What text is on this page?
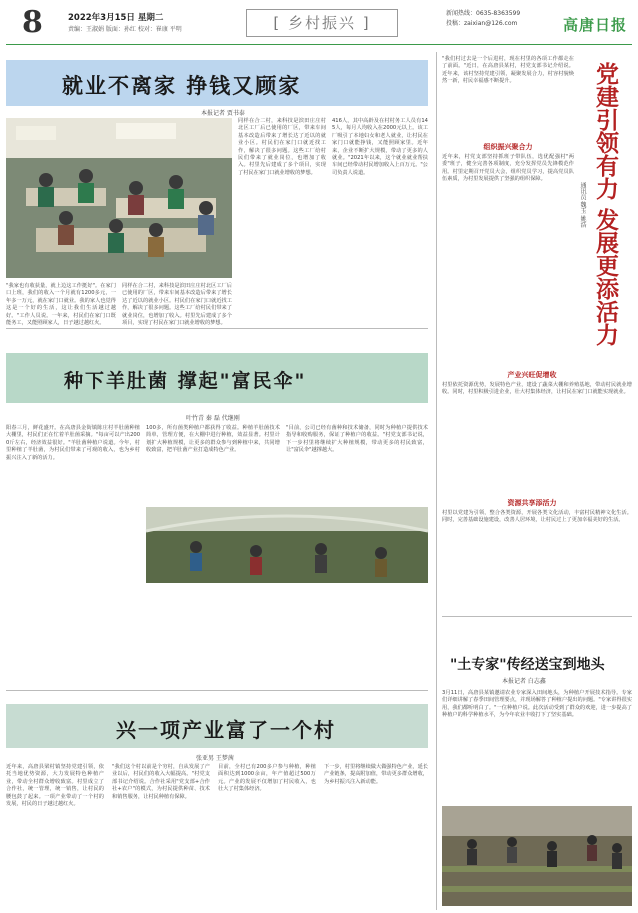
8	2022年3月15日 星期二
责编：王淑娟 版面：孙红 校对：崔康 平明	[ 乡村振兴 ]
新闻热线：0635-8363599
投稿：zaixian@126.com	高唐日报
就业不离家 挣钱又顾家
本报记者 贾书泰
"我家也有收获量，就上边这工作挺好"。在家门口上班，我们的收入一个月就有1200多元，一年多一万元，就在家门口就业。我的家人也觉得这是一个好的生活，这让我们生活越过越好。"工作人员说。一年来，村民们在家门口既能务工，又能照顾家人，日子越过越红火。
同样在合二村，来科技是滨田庄庄村北区工厂后已使用的厂区，带来车间基本改造后带来了增长达了近以的就业小区。村民们在家门口就近找工作，解决了很多问题。这些工厂给村民们带来了就业岗位，也增加了收入。村里先后建成了多个项目，实现了村民在家门口就业增收的梦想。
同样在合二村，来科技是滨田庄庄村北区工厂后已使用的厂区，带来车间基本改造后带来了增长达了近以的就业小区。村民们在家门口就近找工作，解决了很多问题。这些工厂给村民们带来了就业岗位，也增加了收入。村里先后建成了多个项目，实现了村民在家门口就业增收的梦想。
416人，其中高龄及在村村务工人员有145人，每月人均收入在2000元以上。该工厂吸引了本地妇女和老人就业，让村民在家门口就能挣钱，又能照顾家里。近年来，企业不断扩大规模，带动了更多的人就业。"2021年以来，这个就业就业帮扶车间已经带动村民增加收入上百万元。"公司负责人说道。
种下羊肚菌 撑起"富民伞"
叶竹青 秦 磊 代继刚
阳春三月，鲜花盛开。在高唐县金街镇陈庄村羊肚菌种植大棚里，村民们正在忙着羊肚菌采摘。"每亩可以产出2000斤左右，经济效益很好。"羊肚菌种植户说道。今年，村里种植了羊肚菌，为村民们带来了可观的收入，也为乡村振兴注入了新的活力。
100多，所有菌类种植户都获得了收益。种植羊肚菌技术简单，管理方便，在大棚中进行种植，效益显著。村里计划扩大种植规模，让更多的群众参与到种植中来，共同增收致富，把羊肚菌产业打造成特色产业。
"目前，公司已经有菌种和技术储备，同时为种植户提供技术指导和收购服务，保证了种植户的收益。"村党支部书记说，下一步村里将继续扩大种植规模，带动更多的村民致富，让"富民伞"越撑越大。
兴一项产业富了一个村
张亚男 王梦茜
近年来，高唐县梁村镇坚持党建引领，依托当地优势资源，大力发展特色种植产业，带动全村群众增收致富。村里成立了合作社，统一管理，统一销售，让村民的腰包鼓了起来。一项产业带动了一个村的发展，村民的日子越过越红火。
"我们这个村以前是个穷村，自从发展了产业以后，村民们的收入大幅提高。"村党支部书记介绍说。合作社采用"党支部+合作社+农户"的模式，为村民提供种苗、技术和销售服务，让村民种植有保障。
目前，全村已有200多户参与种植，种植面积达到1000余亩，年产值超过500万元。产业的发展不仅增加了村民收入，也壮大了村集体经济。
下一步，村里将继续做大做强特色产业，延长产业链条，提高附加值，带动更多群众增收，为乡村振兴注入新动能。
"我们村过去是一个后进村，现在村里的各项工作都走在了前面。"近日，在高唐县某村，村党支部书记介绍说。近年来，该村坚持党建引领，凝聚发展合力，村容村貌焕然一新，村民幸福感不断提升。	党建引领有力 发展更添活力
通讯员 魏玉 姚浩
组织振兴聚合力
近年来，村党支部坚持抓班子带队伍，选优配强村"两委"班子，健全完善各项制度，充分发挥党员先锋模范作用。村里定期召开党员大会，组织党员学习，提高党员队伍素质，为村里发展提供了坚强的组织保障。
产业兴旺促增收
村里依托资源优势，发展特色产业，建设了蔬菜大棚和养殖基地，带动村民就业增收。同时，村里积极引进企业，壮大村集体经济，让村民在家门口就能实现就业。
资源共享添活力
村里以党建为引领，整合各类资源，开展各类文化活动，丰富村民精神文化生活。同时，完善基础设施建设，改善人居环境，让村民过上了更加幸福美好的生活。
"土专家"传经送宝到地头
本报记者 白志鑫
3月11日，高唐县某镇邀请农业专家深入田间地头，为种植户开展技术指导。专家们详细讲解了春季田间管理要点，并现场解答了种植户提出的问题。"专家讲得很实用，我们都听明白了。"一位种植户说。此次活动受到了群众的欢迎，进一步提高了种植户的科学种植水平，为今年农业丰收打下了坚实基础。
